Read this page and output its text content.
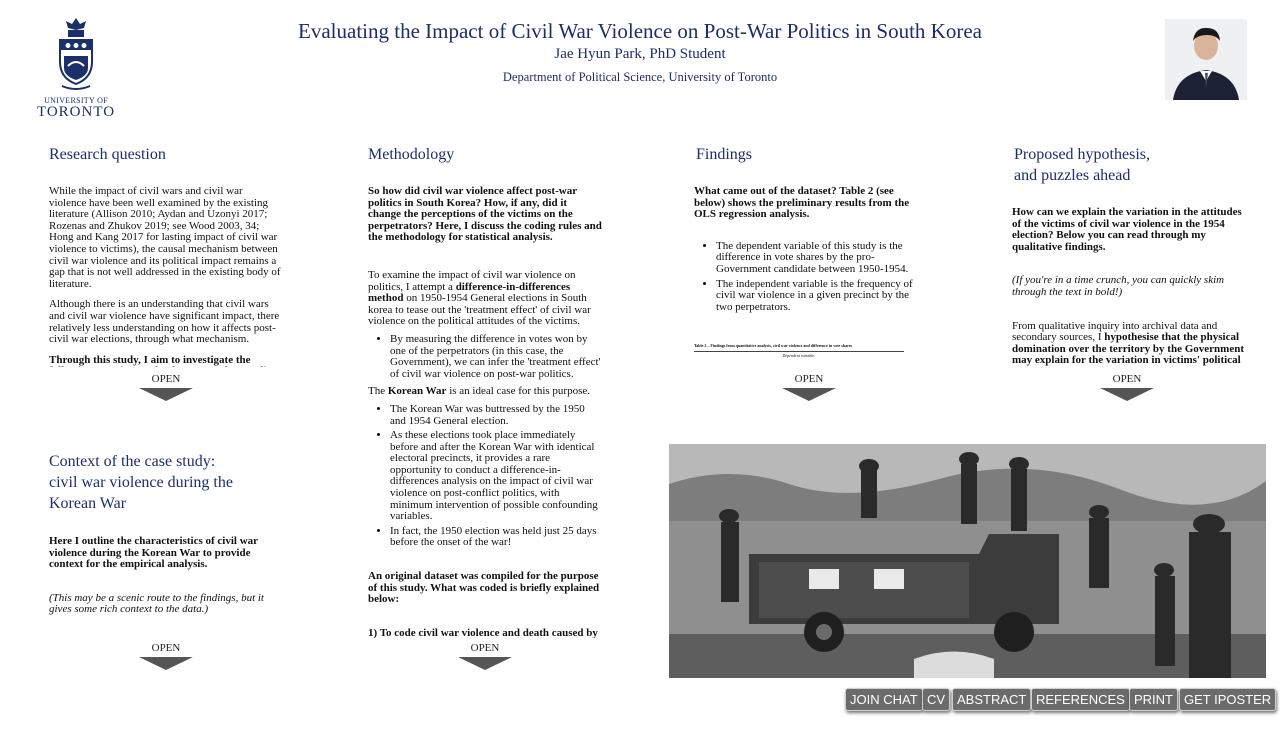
UNIVERSITY OF
TORONTO
Evaluating the Impact of Civil War Violence on Post-War Politics in South Korea
Jae Hyun Park, PhD Student
Department of Political Science, University of Toronto
Research question

While the impact of civil wars and civil war violence have been well examined by the existing literature (Allison 2010; Aydan and Uzonyi 2017; Rozenas and Zhukov 2019; see Wood 2003, 34; Hong and Kang 2017 for lasting impact of civil war violence to victims), the causal mechanism between civil war violence and its political impact remains a gap that is not well addressed in the existing body of literature.

Although there is an understanding that civil wars and civil war violence have significant impact, there relatively less understanding on how it affects post-civil war elections, through what mechanism.

Through this study, I aim to investigate the

OPEN
Context of the case study:
civil war violence during the
Korean War

Here I outline the characteristics of civil war violence during the Korean War to provide context for the empirical analysis.

(This may be a scenic route to the findings, but it gives some rich context to the data.)

OPEN
Methodology

So how did civil war violence affect post-war politics in South Korea? How, if any, did it change the perceptions of the victims on the perpetrators? Here, I discuss the coding rules and the methodology for statistical analysis.

To examine the impact of civil war violence on politics, I attempt a difference-in-differences method on 1950-1954 General elections in South korea to tease out the 'treatment effect' of civil war violence on the political attitudes of the victims.

• By measuring the difference in votes won by one of the perpetrators (in this case, the Government), we can infer the 'treatment effect' of civil war violence on post-war politics.

The Korean War is an ideal case for this purpose.

• The Korean War was buttressed by the 1950 and 1954 General election.
• As these elections took place immediately before and after the Korean War with identical electoral precincts, it provides a rare opportunity to conduct a difference-in-differences analysis on the impact of civil war violence on post-conflict politics, with minimum intervention of possible confounding variables.
• In fact, the 1950 election was held just 25 days before the onset of the war!

An original dataset was compiled for the purpose of this study. What was coded is briefly explained below:

1) To code civil war violence and death caused by

OPEN
Findings

What came out of the dataset? Table 2 (see below) shows the preliminary results from the OLS regression analysis.

• The dependent variable of this study is the difference in vote shares by the pro-Government candidate between 1950-1954.
• The independent variable is the frequency of civil war violence in a given precinct by the two perpetrators.
Table 2 – Findings from quantitative analysis, civil war violence and difference in vote shares
Dependent variable:
OPEN
Proposed hypothesis,
and puzzles ahead

How can we explain the variation in the attitudes of the victims of civil war violence in the 1954 election? Below you can read through my qualitative findings.

(If you're in a time crunch, you can quickly skim through the text in bold!)

From qualitative inquiry into archival data and secondary sources, I hypothesise that the physical domination over the territory by the Government may explain for the variation in victims' political

OPEN
JOIN CHAT CV ABSTRACT REFERENCES PRINT GET IPOSTER
